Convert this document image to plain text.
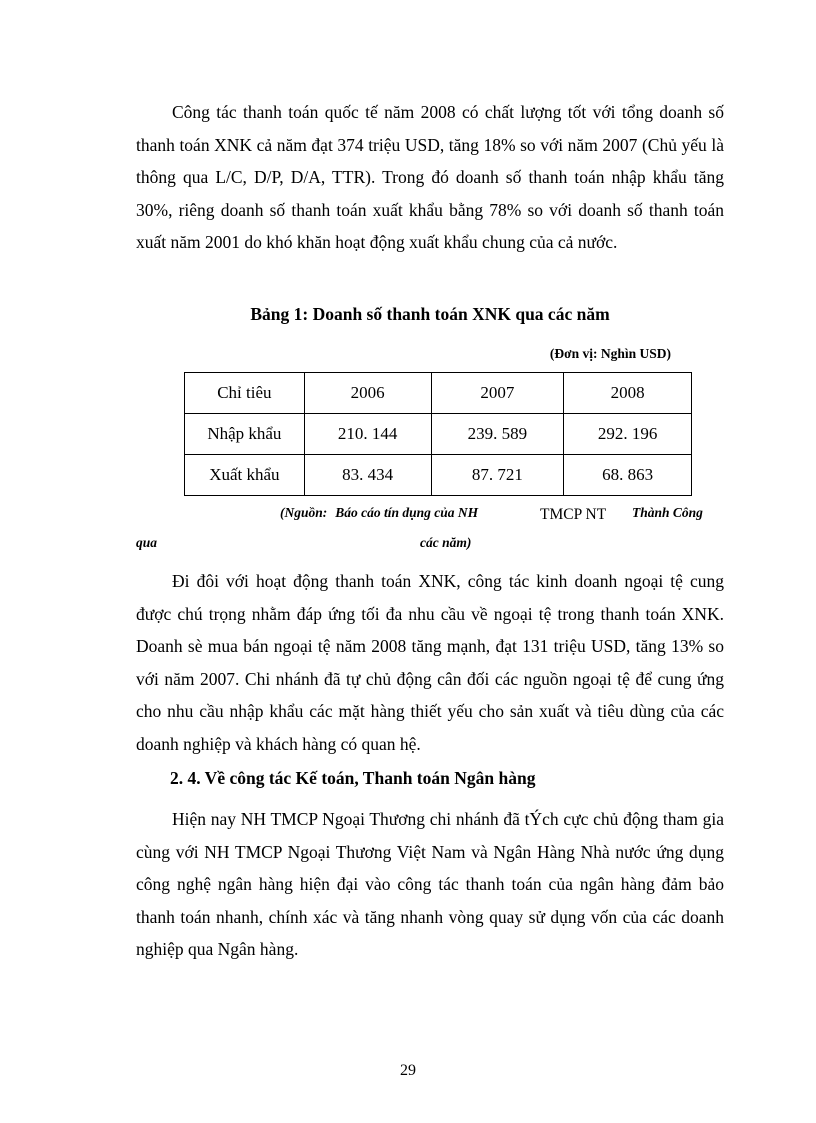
Công tác thanh toán quốc tế năm 2008 có chất lượng tốt với tổng doanh số thanh toán XNK cả năm đạt 374 triệu USD, tăng 18% so với năm 2007 (Chủ yếu là thông qua L/C, D/P, D/A, TTR). Trong đó doanh số thanh toán nhập khẩu tăng 30%, riêng doanh số thanh toán xuất khẩu bằng 78% so với doanh số thanh toán xuất năm 2001 do khó khăn hoạt động xuất khẩu chung của cả nước.

Bảng 1: Doanh số thanh toán XNK qua các năm

(Đơn vị: Nghìn USD)

Chỉ tiêu	2006	2007	2008
Nhập khẩu	210. 144	239. 589	292. 196
Xuất khẩu	83. 434	87. 721	68. 863

(Nguồn: Báo cáo tín dụng của NH	TMCP NT Thành Công

qua	các năm)

Đi đôi với hoạt động thanh toán XNK, công tác kinh doanh ngoại tệ cung được chú trọng nhằm đáp ứng tối đa nhu cầu về ngoại tệ trong thanh toán XNK. Doanh sè mua bán ngoại tệ năm 2008 tăng mạnh, đạt 131 triệu USD, tăng 13% so với năm 2007. Chi nhánh đã tự chủ động cân đối các nguồn ngoại tệ để cung ứng cho nhu cầu nhập khẩu các mặt hàng thiết yếu cho sản xuất và tiêu dùng của các doanh nghiệp và khách hàng có quan hệ.

2. 4. Về công tác Kế toán, Thanh toán Ngân hàng

Hiện nay NH TMCP Ngoại Thương chi nhánh đã tÝch cực chủ động tham gia cùng với NH TMCP Ngoại Thương Việt Nam và Ngân Hàng Nhà nước ứng dụng công nghệ ngân hàng hiện đại vào công tác thanh toán của ngân hàng đảm bảo thanh toán nhanh, chính xác và tăng nhanh vòng quay sử dụng vốn của các doanh nghiệp qua Ngân hàng.

29
